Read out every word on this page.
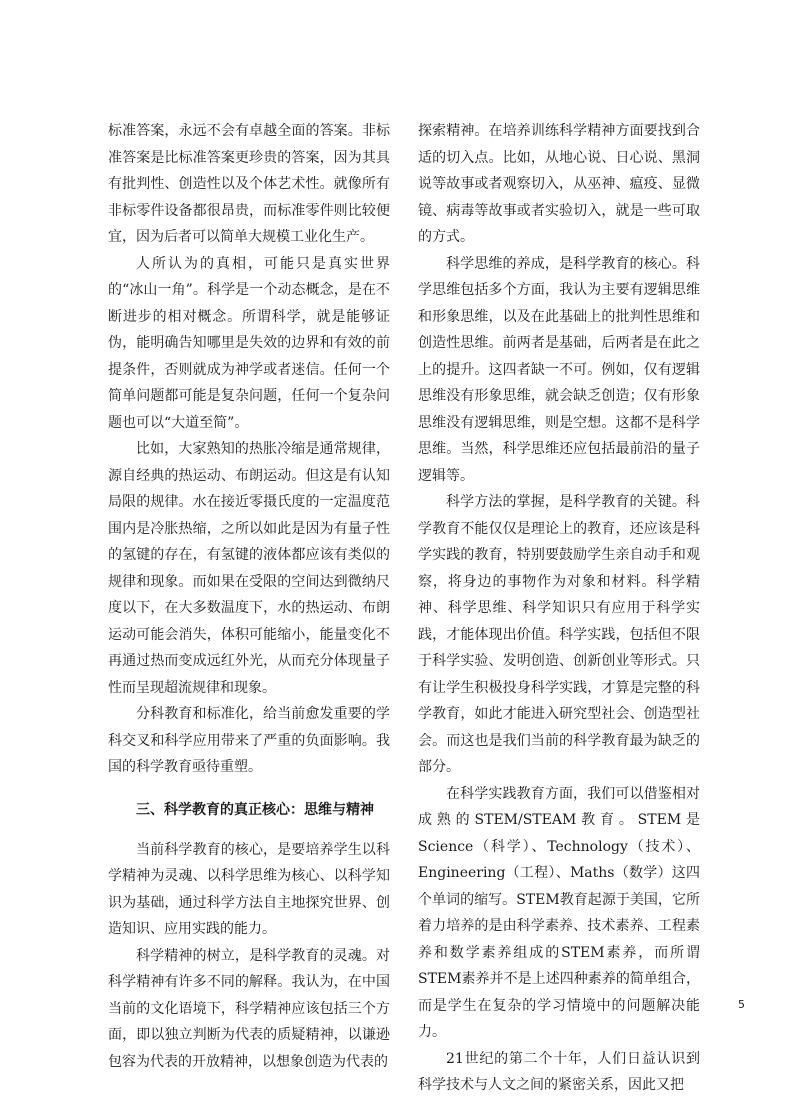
标准答案，永远不会有卓越全面的答案。非标准答案是比标准答案更珍贵的答案，因为其具有批判性、创造性以及个体艺术性。就像所有非标零件设备都很昂贵，而标准零件则比较便宜，因为后者可以简单大规模工业化生产。

人所认为的真相，可能只是真实世界的“冰山一角”。科学是一个动态概念，是在不断进步的相对概念。所谓科学，就是能够证伪，能明确告知哪里是失效的边界和有效的前提条件，否则就成为神学或者迷信。任何一个简单问题都可能是复杂问题，任何一个复杂问题也可以“大道至简”。

比如，大家熟知的热胀冷缩是通常规律，源自经典的热运动、布朗运动。但这是有认知局限的规律。水在接近零摄氏度的一定温度范围内是冷胀热缩，之所以如此是因为有量子性的氢键的存在，有氢键的液体都应该有类似的规律和现象。而如果在受限的空间达到微纳尺度以下，在大多数温度下，水的热运动、布朗运动可能会消失，体积可能缩小，能量变化不再通过热而变成远红外光，从而充分体现量子性而呈现超流规律和现象。

分科教育和标准化，给当前愈发重要的学科交叉和科学应用带来了严重的负面影响。我国的科学教育亟待重塑。

三、科学教育的真正核心：思维与精神

当前科学教育的核心，是要培养学生以科学精神为灵魂、以科学思维为核心、以科学知识为基础，通过科学方法自主地探究世界、创造知识、应用实践的能力。

科学精神的树立，是科学教育的灵魂。对科学精神有许多不同的解释。我认为，在中国当前的文化语境下，科学精神应该包括三个方面，即以独立判断为代表的质疑精神，以谦逊包容为代表的开放精神，以想象创造为代表的

探索精神。在培养训练科学精神方面要找到合适的切入点。比如，从地心说、日心说、黑洞说等故事或者观察切入，从巫神、瘟疫、显微镜、病毒等故事或者实验切入，就是一些可取的方式。

科学思维的养成，是科学教育的核心。科学思维包括多个方面，我认为主要有逻辑思维和形象思维，以及在此基础上的批判性思维和创造性思维。前两者是基础，后两者是在此之上的提升。这四者缺一不可。例如，仅有逻辑思维没有形象思维，就会缺乏创造；仅有形象思维没有逻辑思维，则是空想。这都不是科学思维。当然，科学思维还应包括最前沿的量子逻辑等。

科学方法的掌握，是科学教育的关键。科学教育不能仅仅是理论上的教育，还应该是科学实践的教育，特别要鼓励学生亲自动手和观察，将身边的事物作为对象和材料。科学精神、科学思维、科学知识只有应用于科学实践，才能体现出价值。科学实践，包括但不限于科学实验、发明创造、创新创业等形式。只有让学生积极投身科学实践，才算是完整的科学教育，如此才能进入研究型社会、创造型社会。而这也是我们当前的科学教育最为缺乏的部分。

在科学实践教育方面，我们可以借鉴相对成熟的STEM/STEAM教育。STEM是Science（科学）、Technology（技术）、Engineering（工程）、Maths（数学）这四个单词的缩写。STEM教育起源于美国，它所着力培养的是由科学素养、技术素养、工程素养和数学素养组成的STEM素养，而所谓STEM素养并不是上述四种素养的简单组合，而是学生在复杂的学习情境中的问题解决能力。

21世纪的第二个十年，人们日益认识到科学技术与人文之间的紧密关系，因此又把

5
